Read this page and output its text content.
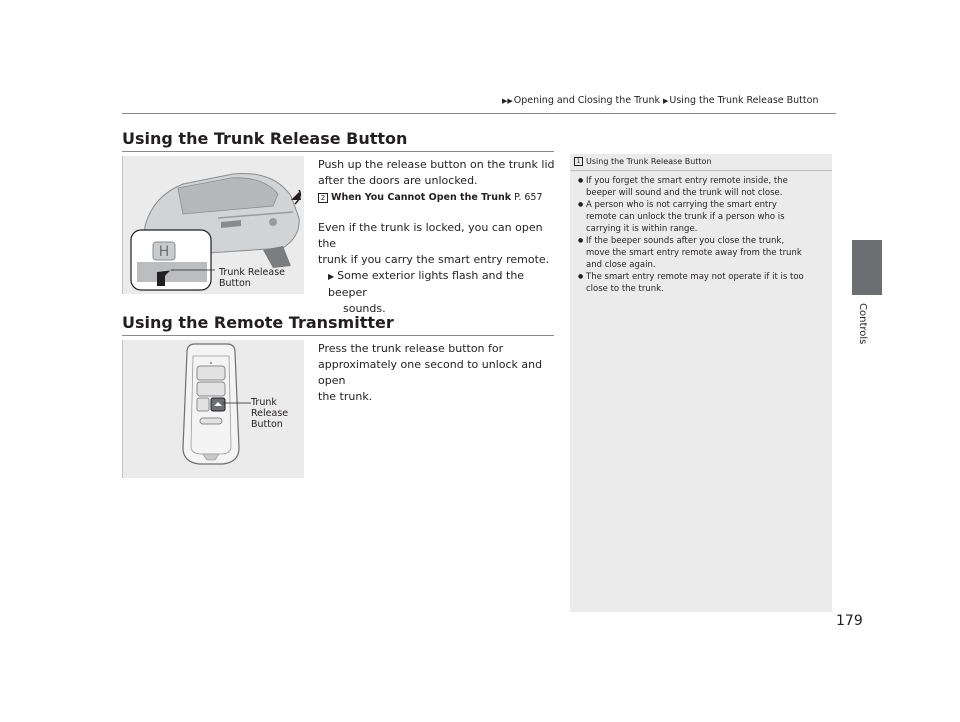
▶▶Opening and Closing the Trunk ▶Using the Trunk Release Button
Controls
Using the Trunk Release Button
H
Trunk Release
Button
Push up the release button on the trunk lid
after the doors are unlocked.
2 When You Cannot Open the Trunk P. 657
Even if the trunk is locked, you can open the
trunk if you carry the smart entry remote.
▶ Some exterior lights flash and the beeper
sounds.
Using the Remote Transmitter
Trunk
Release
Button
Press the trunk release button for
approximately one second to unlock and open
the trunk.
1 Using the Trunk Release Button
● If you forget the smart entry remote inside, the
beeper will sound and the trunk will not close.
● A person who is not carrying the smart entry
remote can unlock the trunk if a person who is
carrying it is within range.
● If the beeper sounds after you close the trunk,
move the smart entry remote away from the trunk
and close again.
● The smart entry remote may not operate if it is too
close to the trunk.
179
